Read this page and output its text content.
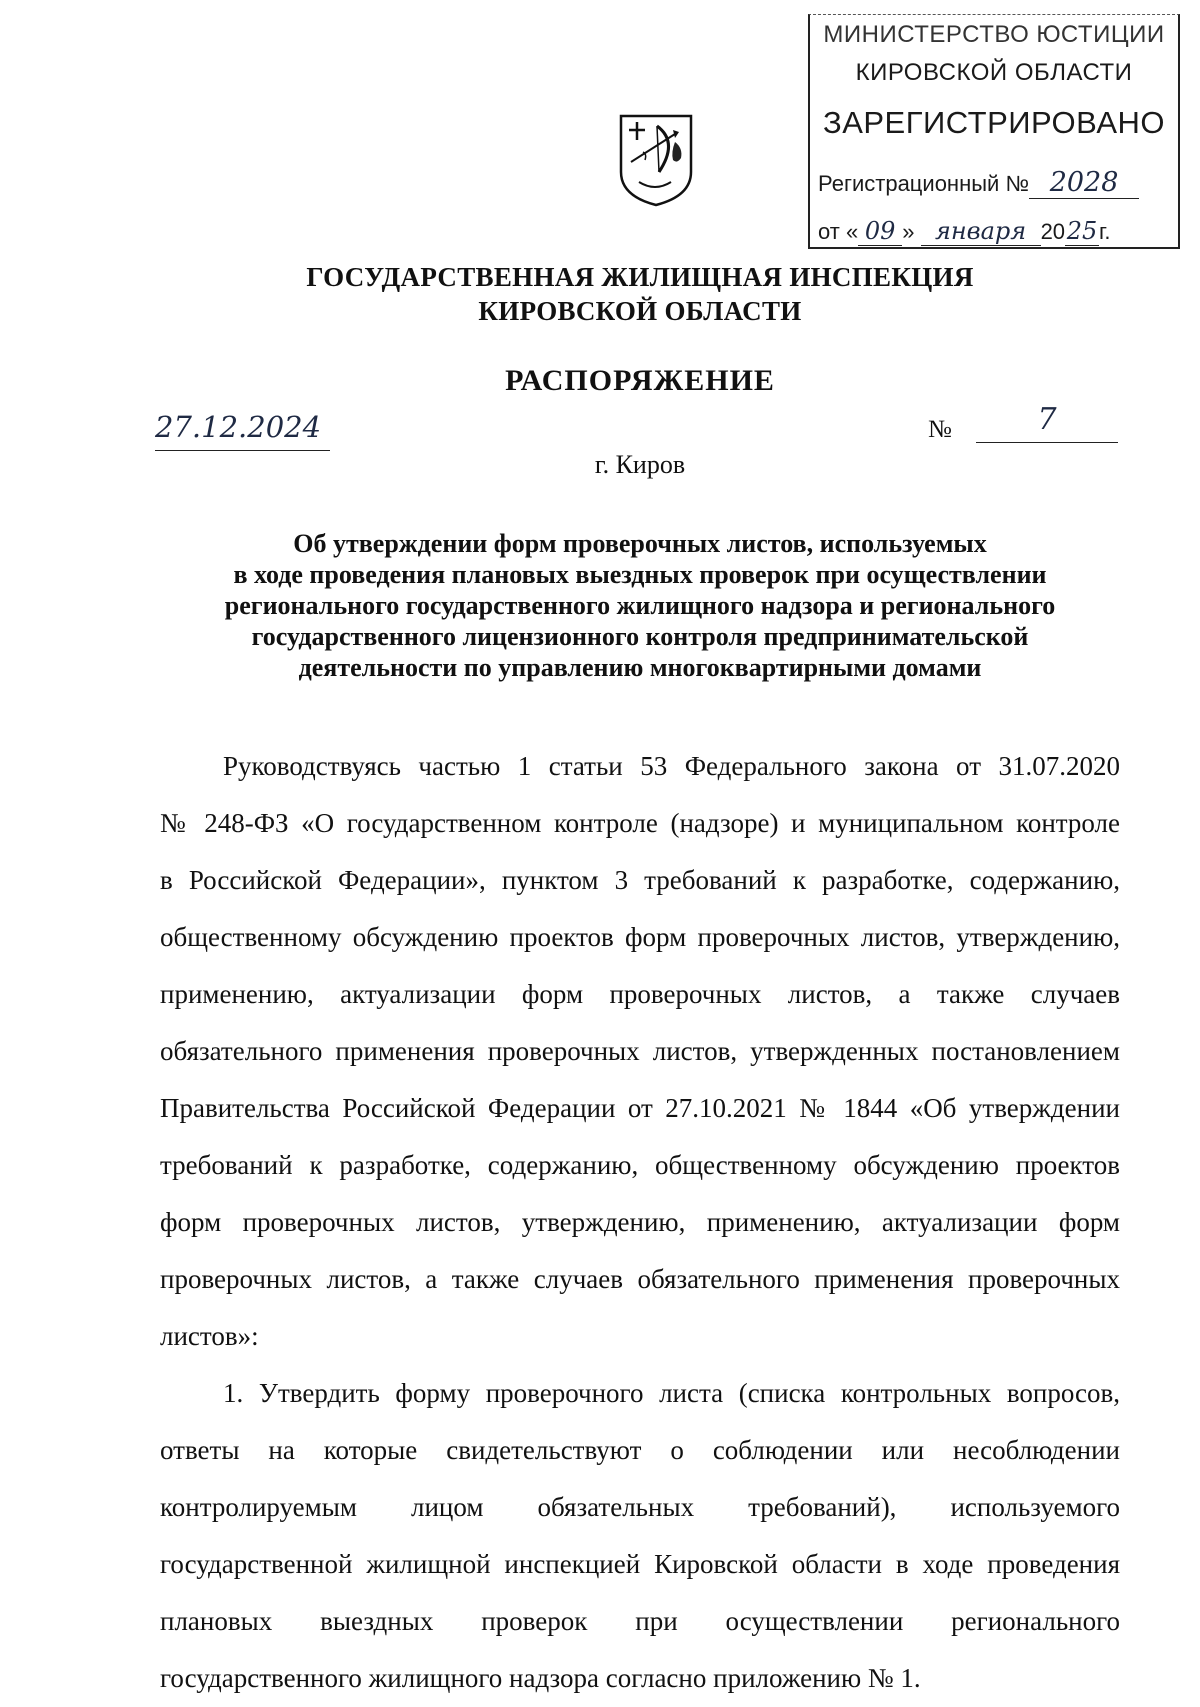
МИНИСТЕРСТВО ЮСТИЦИИ
КИРОВСКОЙ ОБЛАСТИ
ЗАРЕГИСТРИРОВАНО
Регистрационный № 2028
от « 09 » января 2025г.
ГОСУДАРСТВЕННАЯ ЖИЛИЩНАЯ ИНСПЕКЦИЯ
КИРОВСКОЙ ОБЛАСТИ
РАСПОРЯЖЕНИЕ
27.12.2024	№	7
г. Киров
Об утверждении форм проверочных листов, используемых
в ходе проведения плановых выездных проверок при осуществлении
регионального государственного жилищного надзора и регионального
государственного лицензионного контроля предпринимательской
деятельности по управлению многоквартирными домами
Руководствуясь частью 1 статьи 53 Федерального закона от 31.07.2020
№ 248-ФЗ «О государственном контроле (надзоре) и муниципальном контроле
в Российской Федерации», пунктом 3 требований к разработке, содержанию,
общественному обсуждению проектов форм проверочных листов, утверждению,
применению, актуализации форм проверочных листов, а также случаев
обязательного применения проверочных листов, утвержденных постановлением
Правительства Российской Федерации от 27.10.2021 № 1844 «Об утверждении
требований к разработке, содержанию, общественному обсуждению проектов
форм проверочных листов, утверждению, применению, актуализации форм
проверочных листов, а также случаев обязательного применения проверочных
листов»:
1. Утвердить форму проверочного листа (списка контрольных вопросов,
ответы на которые свидетельствуют о соблюдении или несоблюдении
контролируемым лицом обязательных требований), используемого
государственной жилищной инспекцией Кировской области в ходе проведения
плановых выездных проверок при осуществлении регионального
государственного жилищного надзора согласно приложению № 1.
